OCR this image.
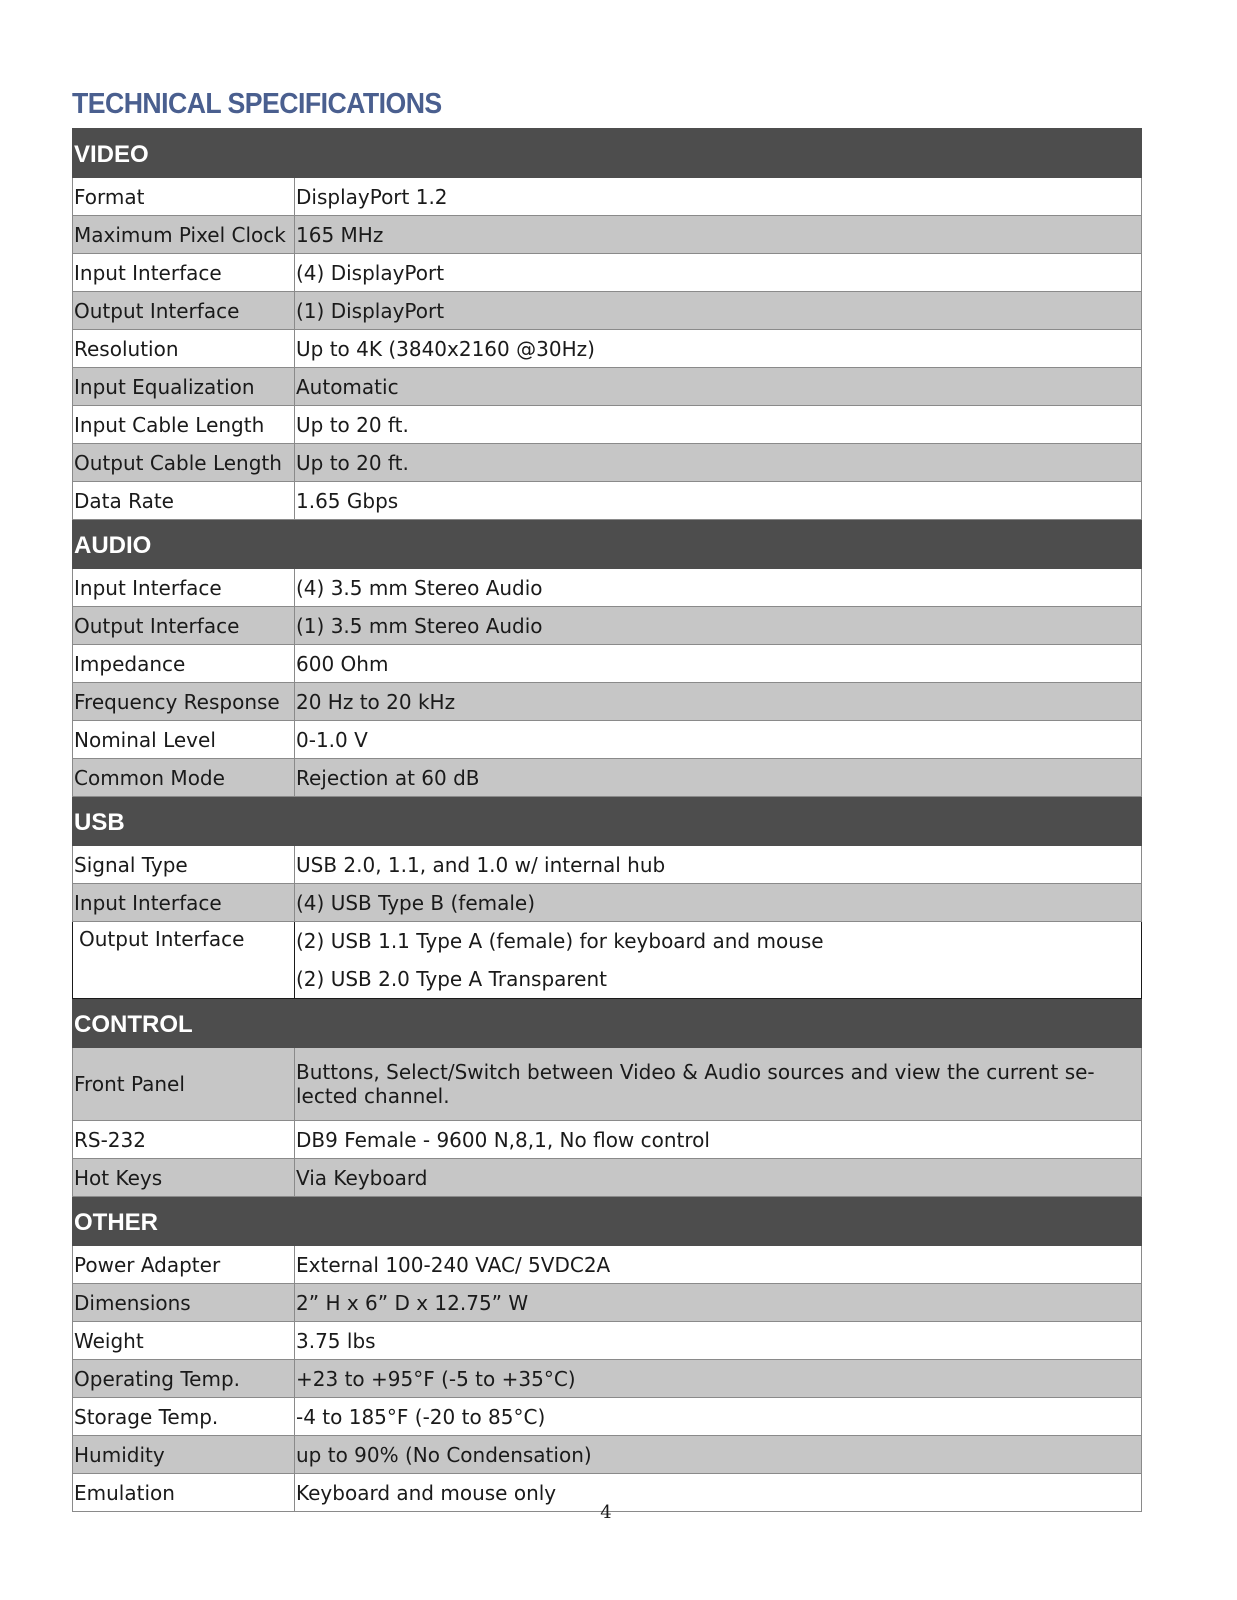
TECHNICAL SPECIFICATIONS
VIDEO	
Format	DisplayPort 1.2
Maximum Pixel Clock	165 MHz
Input Interface	(4) DisplayPort
Output Interface	(1) DisplayPort
Resolution	Up to 4K (3840x2160 @30Hz)
Input Equalization	Automatic
Input Cable Length	Up to 20 ft.
Output Cable Length	Up to 20 ft.
Data Rate	1.65 Gbps
AUDIO	
Input Interface	(4) 3.5 mm Stereo Audio
Output Interface	(1) 3.5 mm Stereo Audio
Impedance	600 Ohm
Frequency Response	20 Hz to 20 kHz
Nominal Level	0-1.0 V
Common Mode	Rejection at 60 dB
USB	
Signal Type	USB 2.0, 1.1, and 1.0 w/ internal hub
Input Interface	(4) USB Type B (female)
Output Interface	(2) USB 1.1 Type A (female) for keyboard and mouse
(2) USB 2.0 Type A Transparent

CONTROL	
Front Panel	Buttons, Select/Switch between Video & Audio sources and view the current se-lected channel.
RS-232	DB9 Female - 9600 N,8,1, No flow control
Hot Keys	Via Keyboard
OTHER	
Power Adapter	External 100-240 VAC/ 5VDC2A
Dimensions	2” H x 6” D x 12.75” W
Weight	3.75 lbs
Operating Temp.	+23 to +95°F (-5 to +35°C)
Storage Temp.	-4 to 185°F (-20 to 85°C)
Humidity	up to 90% (No Condensation)
Emulation	Keyboard and mouse only
4
